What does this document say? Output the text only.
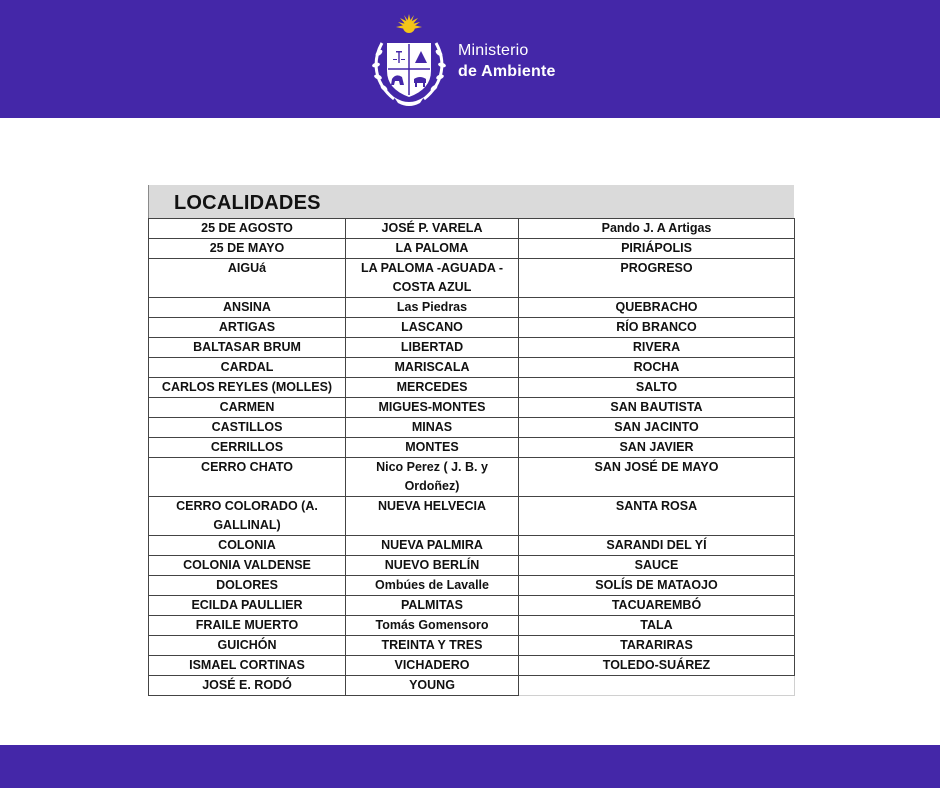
Ministerio
de Ambiente
LOCALIDADES
25 DE AGOSTO	JOSÉ P. VARELA	Pando J. A Artigas
25 DE MAYO	LA PALOMA	PIRIÁPOLIS
AIGUá	LA PALOMA -AGUADA - COSTA AZUL	PROGRESO
ANSINA	Las Piedras	QUEBRACHO
ARTIGAS	LASCANO	RÍO BRANCO
BALTASAR BRUM	LIBERTAD	RIVERA
CARDAL	MARISCALA	ROCHA
CARLOS REYLES (MOLLES)	MERCEDES	SALTO
CARMEN	MIGUES-MONTES	SAN BAUTISTA
CASTILLOS	MINAS	SAN JACINTO
CERRILLOS	MONTES	SAN JAVIER
CERRO CHATO	Nico Perez ( J. B. y Ordoñez)	SAN JOSÉ DE MAYO
CERRO COLORADO (A. GALLINAL)	NUEVA HELVECIA	SANTA ROSA
COLONIA	NUEVA PALMIRA	SARANDI DEL YÍ
COLONIA VALDENSE	NUEVO BERLÍN	SAUCE
DOLORES	Ombúes de Lavalle	SOLÍS DE MATAOJO
ECILDA PAULLIER	PALMITAS	TACUAREMBÓ
FRAILE MUERTO	Tomás Gomensoro	TALA
GUICHÓN	TREINTA Y TRES	TARARIRAS
ISMAEL CORTINAS	VICHADERO	TOLEDO-SUÁREZ
JOSÉ E. RODÓ	YOUNG	
